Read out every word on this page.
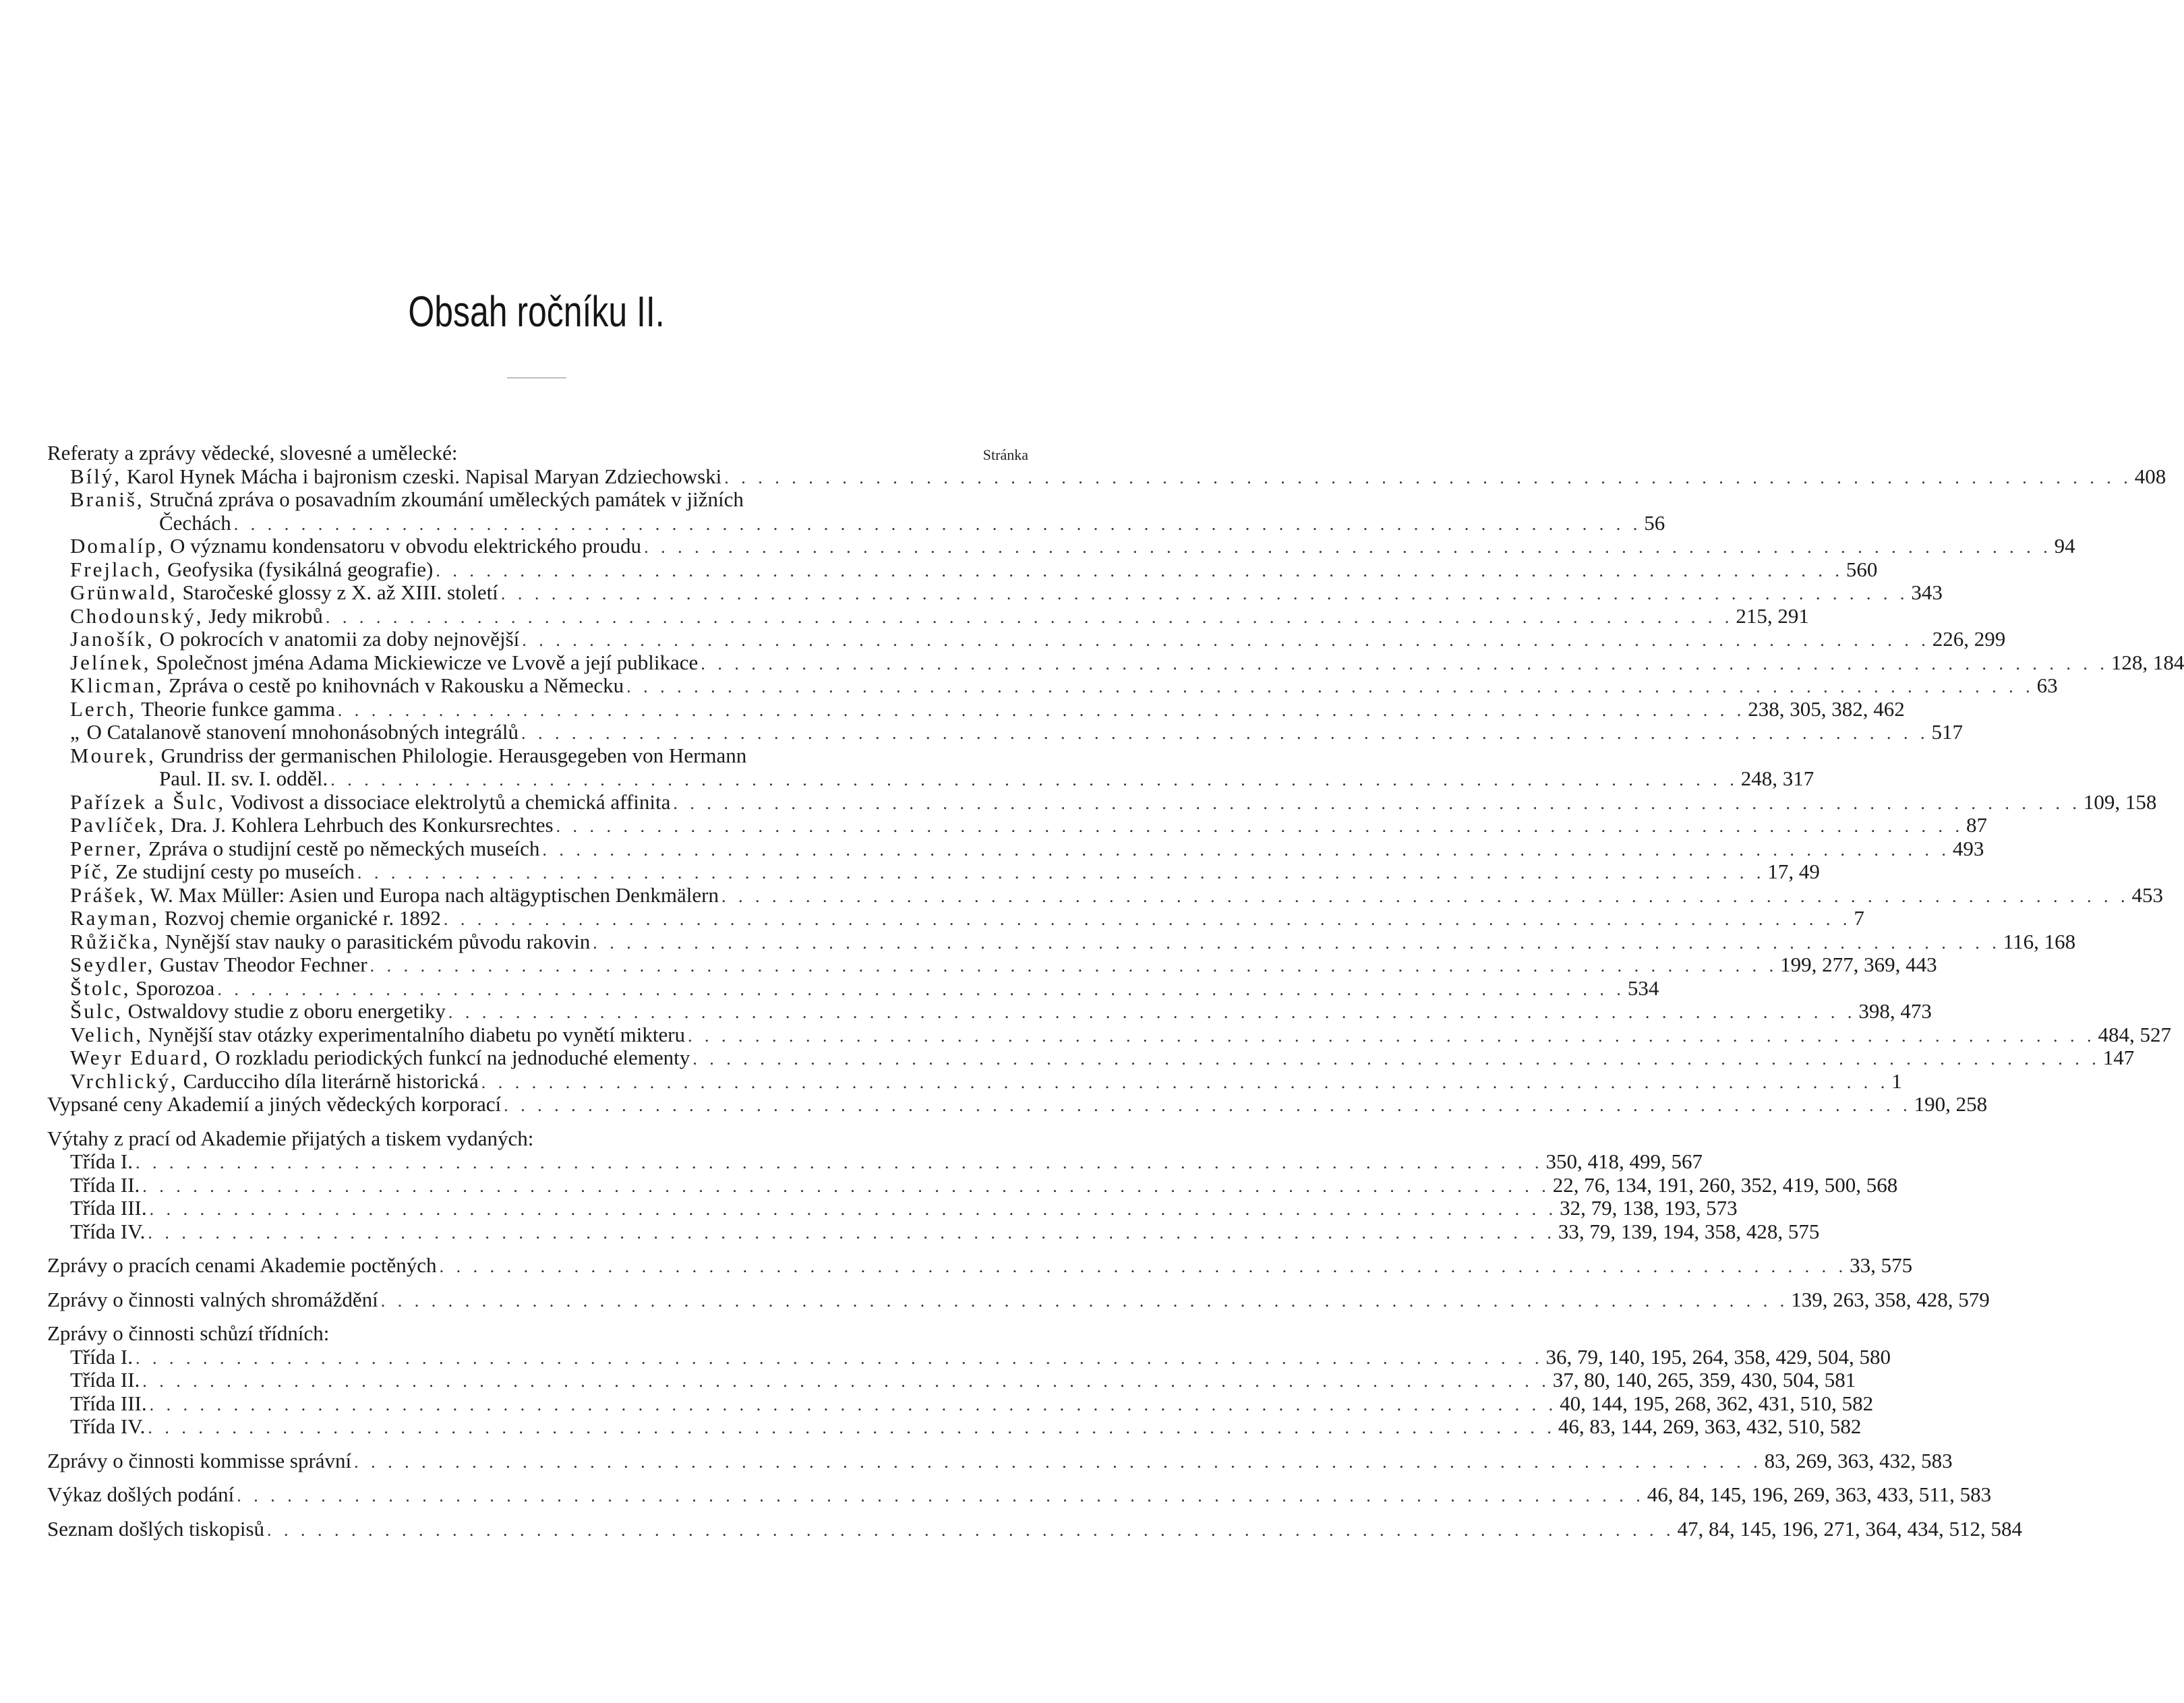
Obsah ročníku II.
Referaty a zprávy vědecké, slovesné a umělecké:	Stránka
Bílý, Karol Hynek Mácha i bajronism czeski. Napisal Maryan Zdziechowski . . .	408
Braniš, Stručná zpráva o posavadním zkoumání uměleckých památek v jižních
Čechách . . .	56
Domalíp, O významu kondensatoru v obvodu elektrického proudu . . .	94
Frejlach, Geofysika (fysikálná geografie) . . .	560
Grünwald, Staročeské glossy z X. až XIII. století . . .	343
Chodounský, Jedy mikrobů . . .	215, 291
Janošík, O pokrocích v anatomii za doby nejnovější . . .	226, 299
Jelínek, Společnost jména Adama Mickiewicze ve Lvově a její publikace . . .	128, 184
Klicman, Zpráva o cestě po knihovnách v Rakousku a Německu . . .	63
Lerch, Theorie funkce gamma . . .	238, 305, 382, 462
„ O Catalanově stanovení mnohonásobných integrálů . . .	517
Mourek, Grundriss der germanischen Philologie. Herausgegeben von Hermann
Paul. II. sv. I. odděl. . . .	248, 317
Pařízek a Šulc, Vodivost a dissociace elektrolytů a chemická affinita . . .	109, 158
Pavlíček, Dra. J. Kohlera Lehrbuch des Konkursrechtes . . .	87
Perner, Zpráva o studijní cestě po německých museích . . .	493
Píč, Ze studijní cesty po museích . . .	17, 49
Prášek, W. Max Müller: Asien und Europa nach altägyptischen Denkmälern . . .	453
Rayman, Rozvoj chemie organické r. 1892 . . .	7
Růžička, Nynější stav nauky o parasitickém původu rakovin . . .	116, 168
Seydler, Gustav Theodor Fechner . . .	199, 277, 369, 443
Štolc, Sporozoa . . .	534
Šulc, Ostwaldovy studie z oboru energetiky . . .	398, 473
Velich, Nynější stav otázky experimentalního diabetu po vynětí mikteru . . .	484, 527
Weyr Eduard, O rozkladu periodických funkcí na jednoduché elementy . . .	147
Vrchlický, Carducciho díla literárně historická . . .	1
Vypsané ceny Akademií a jiných vědeckých korporací . . .	190, 258
Výtahy z prací od Akademie přijatých a tiskem vydaných:
Třída I. . . .	350, 418, 499, 567
Třída II. . . .	22, 76, 134, 191, 260, 352, 419, 500, 568
Třída III. . . .	32, 79, 138, 193, 573
Třída IV. . . .	33, 79, 139, 194, 358, 428, 575
Zprávy o pracích cenami Akademie poctěných . . .	33, 575
Zprávy o činnosti valných shromáždění . . .	139, 263, 358, 428, 579
Zprávy o činnosti schůzí třídních:
Třída I. . . .	36, 79, 140, 195, 264, 358, 429, 504, 580
Třída II. . . .	37, 80, 140, 265, 359, 430, 504, 581
Třída III. . . .	40, 144, 195, 268, 362, 431, 510, 582
Třída IV. . . .	46, 83, 144, 269, 363, 432, 510, 582
Zprávy o činnosti kommisse správní . . .	83, 269, 363, 432, 583
Výkaz došlých podání . . .	46, 84, 145, 196, 269, 363, 433, 511, 583
Seznam došlých tiskopisů . . .	47, 84, 145, 196, 271, 364, 434, 512, 584
